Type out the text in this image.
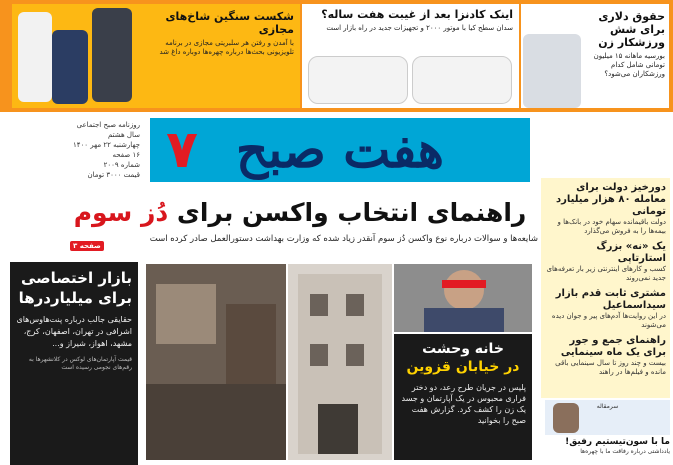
شکست سنگین شاخ‌های مجازی

با آمدن و رفتن هر سلبریتی مجازی در برنامه تلویزیونی بحث‌ها درباره چهره‌ها دوباره داغ شد

اینک کادنزا بعد از غیبت هفت ساله؟

سدان سطح کیا با موتور ۲۰۰۰ و تجهیزات جدید در راه بازار است

حقوق دلاری برای شش ورزشکار زن

بورسیه ماهانه ۱۵ میلیون تومانی شامل کدام ورزشکاران می‌شود؟

هفت صبح
۷
روزنامه صبح اجتماعی
سال هشتم
چهارشنبه ۲۲ مهر ۱۴۰۰
۱۶ صفحه
شماره ۲۰۰۹
قیمت ۳۰۰۰ تومان
دورخیز دولت برای معامله ۸۰ هزار میلیارد تومانی

دولت باقیمانده سهام خود در بانک‌ها و بیمه‌ها را به فروش می‌گذارد

یک «نه» بزرگ استارتاپی

کسب و کارهای اینترنتی زیر بار تعرفه‌های جدید نمی‌روند

مشتری ثابت قدم بازار سیداسماعیل

در این روایت‌ها آدم‌های پیر و جوان دیده می‌شوند

راهنمای جمع و جور برای یک ماه سینمایی

بیست و چند روز تا سال سینمایی باقی مانده و فیلم‌ها در راهند

راهنمای انتخاب واکسن برای دُز سوم
شایعه‌ها و سوالات درباره نوع واکسن دُز سوم آنقدر زیاد شده که وزارت بهداشت دستورالعمل صادر کرده است
بازار اختصاصی برای میلیاردرها

حقایقی جالب درباره پنت‌هاوس‌های اشرافی در تهران، اصفهان، کرج، مشهد، اهواز، شیراز و...

قیمت آپارتمان‌های لوکس در کلانشهرها به رقم‌های نجومی رسیده است

خانه وحشت
در خیابان قزوین

پلیس در جریان طرح رعد، دو دختر فراری محبوس در یک آپارتمان و جسد یک زن را کشف کرد. گزارش هفت صبح را بخوانید

سرمقاله
ما با سون‌تیستیم رفیق!

یادداشتی درباره رفاقت ما با چهره‌ها

صفحه ۳
